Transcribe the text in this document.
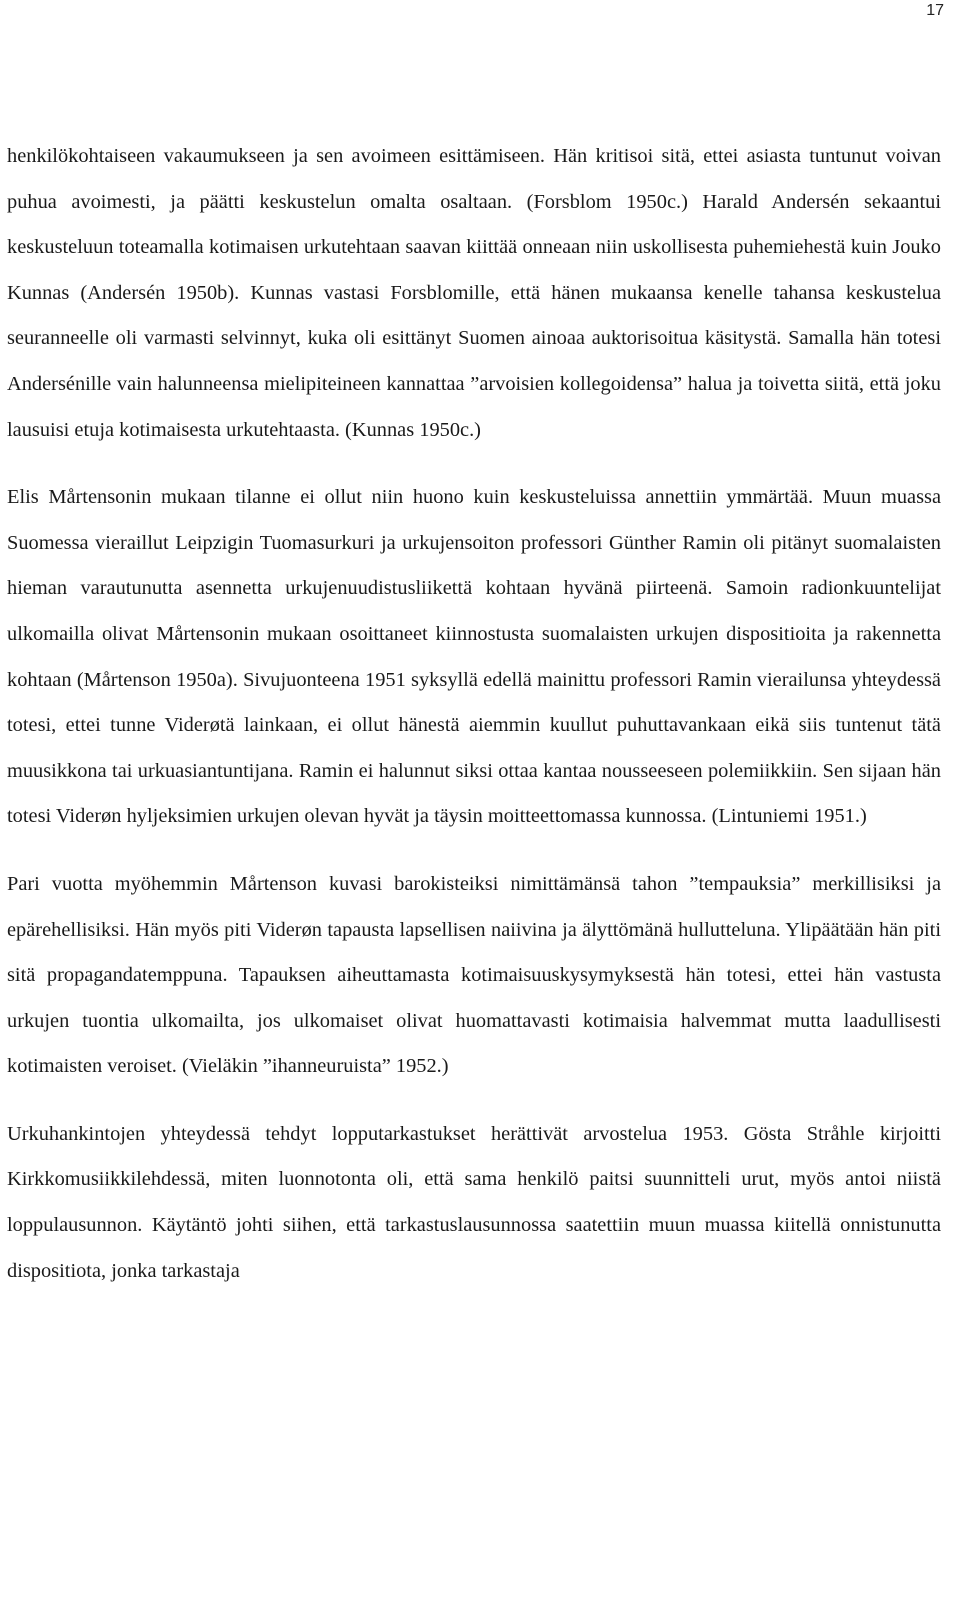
17

henkilökohtaiseen vakaumukseen ja sen avoimeen esittämiseen. Hän kritisoi sitä, ettei asiasta tuntunut voivan puhua avoimesti, ja päätti keskustelun omalta osaltaan. (Forsblom 1950c.) Harald Andersén sekaantui keskusteluun toteamalla kotimaisen urkutehtaan saavan kiittää onneaan niin uskollisesta puhemiehestä kuin Jouko Kunnas (Andersén 1950b). Kunnas vastasi Forsblomille, että hänen mukaansa kenelle tahansa keskustelua seuranneelle oli varmasti selvinnyt, kuka oli esittänyt Suomen ainoaa auktorisoitua käsitystä. Samalla hän totesi Andersénille vain halunneensa mielipiteineen kannattaa ”arvoisien kollegoidensa” halua ja toivetta siitä, että joku lausuisi etuja kotimaisesta urkutehtaasta. (Kunnas 1950c.)

Elis Mårtensonin mukaan tilanne ei ollut niin huono kuin keskusteluissa annettiin ymmärtää. Muun muassa Suomessa vieraillut Leipzigin Tuomasurkuri ja urkujensoiton professori Günther Ramin oli pitänyt suomalaisten hieman varautunutta asennetta urkujenuudistusliikettä kohtaan hyvänä piirteenä. Samoin radionkuuntelijat ulkomailla olivat Mårtensonin mukaan osoittaneet kiinnostusta suomalaisten urkujen dispositioita ja rakennetta kohtaan (Mårtenson 1950a). Sivujuonteena 1951 syksyllä edellä mainittu professori Ramin vierailunsa yhteydessä totesi, ettei tunne Viderøtä lainkaan, ei ollut hänestä aiemmin kuullut puhuttavankaan eikä siis tuntenut tätä muusikkona tai urkuasiantuntijana. Ramin ei halunnut siksi ottaa kantaa nousseeseen polemiikkiin. Sen sijaan hän totesi Viderøn hyljeksimien urkujen olevan hyvät ja täysin moitteettomassa kunnossa. (Lintuniemi 1951.)

Pari vuotta myöhemmin Mårtenson kuvasi barokisteiksi nimittämänsä tahon ”tempauksia” merkillisiksi ja epärehellisiksi. Hän myös piti Viderøn tapausta lapsellisen naiivina ja älyttömänä hullutteluna. Ylipäätään hän piti sitä propagandatemppuna. Tapauksen aiheuttamasta kotimaisuuskysymyksestä hän totesi, ettei hän vastusta urkujen tuontia ulkomailta, jos ulkomaiset olivat huomattavasti kotimaisia halvemmat mutta laadullisesti kotimaisten veroiset. (Vieläkin ”ihanneuruista” 1952.)

Urkuhankintojen yhteydessä tehdyt lopputarkastukset herättivät arvostelua 1953. Gösta Stråhle kirjoitti Kirkkomusiikkilehdessä, miten luonnotonta oli, että sama henkilö paitsi suunnitteli urut, myös antoi niistä loppulausunnon. Käytäntö johti siihen, että tarkastuslausunnossa saatettiin muun muassa kiitellä onnistunutta dispositiota, jonka tarkastaja
